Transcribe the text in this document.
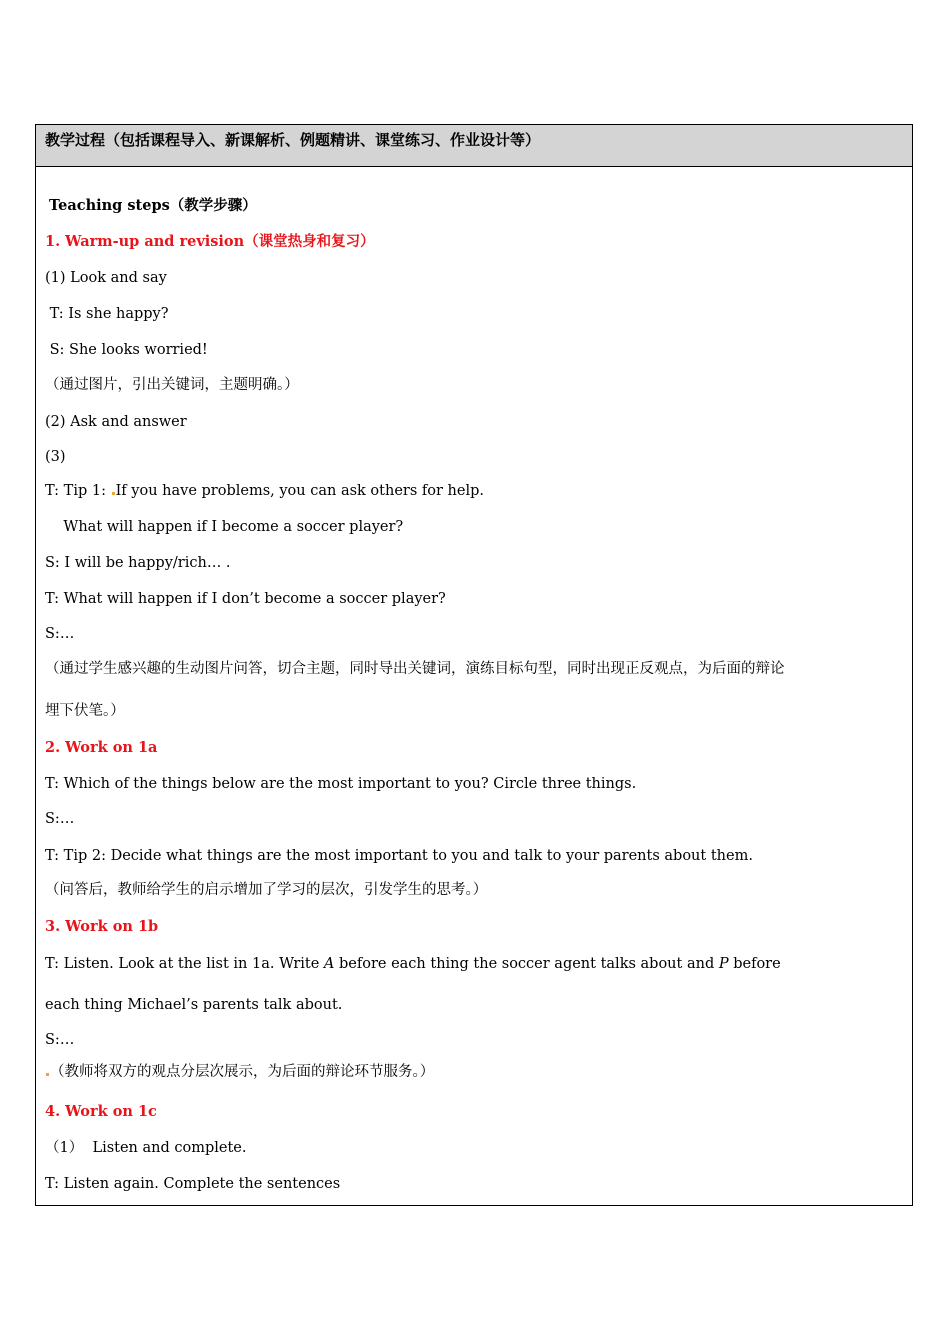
教学过程（包括课程导入、新课解析、例题精讲、课堂练习、作业设计等）
Teaching steps（教学步骤）
1. Warm-up and revision（课堂热身和复习）
(1) Look and say
T: Is she happy?
S: She looks worried!
（通过图片，引出关键词，主题明确。）
(2) Ask and answer
(3)
T: Tip 1: If you have problems, you can ask others for help.
What will happen if I become a soccer player?
S: I will be happy/rich… .
T: What will happen if I don’t become a soccer player?
S:…
（通过学生感兴趣的生动图片问答，切合主题，同时导出关键词，演练目标句型，同时出现正反观点，为后面的辩论
埋下伏笔。）
2. Work on 1a
T: Which of the things below are the most important to you? Circle three things.
S:…
T: Tip 2: Decide what things are the most important to you and talk to your parents about them.
（问答后，教师给学生的启示增加了学习的层次，引发学生的思考。）
3. Work on 1b
T: Listen. Look at the list in 1a. Write A before each thing the soccer agent talks about and P before
each thing Michael’s parents talk about.
S:…
（教师将双方的观点分层次展示，为后面的辩论环节服务。）
4. Work on 1c
（1）  Listen and complete.
T: Listen again. Complete the sentences
